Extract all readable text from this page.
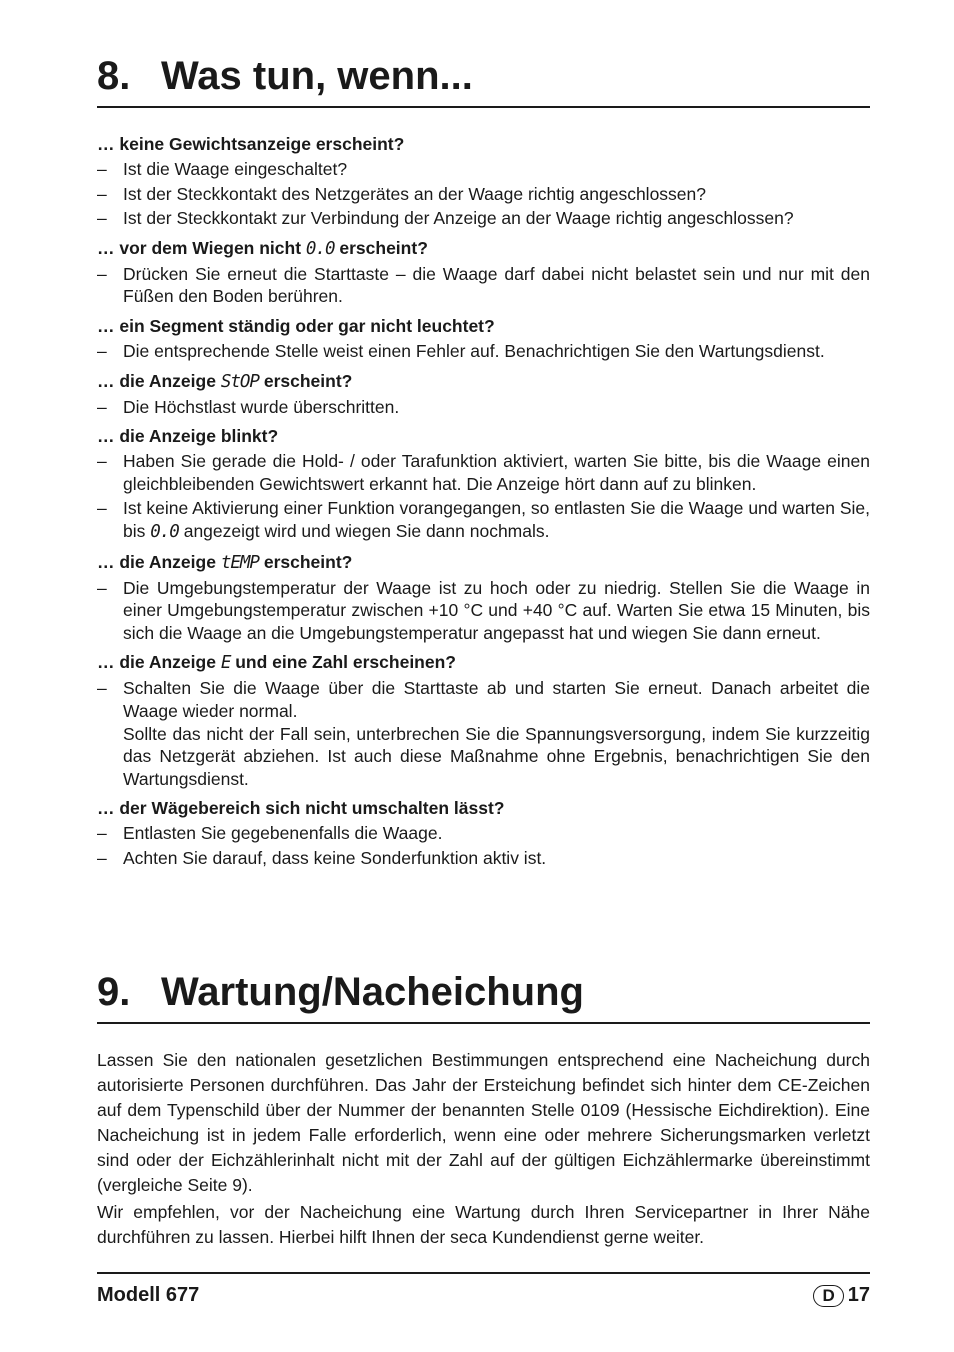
8. Was tun, wenn...

… keine Gewichtsanzeige erscheint?

– Ist die Waage eingeschaltet?

– Ist der Steckkontakt des Netzgerätes an der Waage richtig angeschlossen?

– Ist der Steckkontakt zur Verbindung der Anzeige an der Waage richtig angeschlossen?

… vor dem Wiegen nicht 0.0 erscheint?

– Drücken Sie erneut die Starttaste – die Waage darf dabei nicht belastet sein und nur mit den Füßen den Boden berühren.

… ein Segment ständig oder gar nicht leuchtet?

– Die entsprechende Stelle weist einen Fehler auf. Benachrichtigen Sie den Wartungsdienst.

… die Anzeige StOP erscheint?

– Die Höchstlast wurde überschritten.

… die Anzeige blinkt?

– Haben Sie gerade die Hold- / oder Tarafunktion aktiviert, warten Sie bitte, bis die Waage einen gleichbleibenden Gewichtswert erkannt hat. Die Anzeige hört dann auf zu blinken.

– Ist keine Aktivierung einer Funktion vorangegangen, so entlasten Sie die Waage und warten Sie, bis 0.0 angezeigt wird und wiegen Sie dann nochmals.

… die Anzeige tEMP erscheint?

– Die Umgebungstemperatur der Waage ist zu hoch oder zu niedrig. Stellen Sie die Waage in einer Umgebungstemperatur zwischen +10 °C und +40 °C auf. Warten Sie etwa 15 Minuten, bis sich die Waage an die Umgebungstemperatur angepasst hat und wiegen Sie dann erneut.

… die Anzeige E und eine Zahl erscheinen?

– Schalten Sie die Waage über die Starttaste ab und starten Sie erneut. Danach arbeitet die Waage wieder normal.
Sollte das nicht der Fall sein, unterbrechen Sie die Spannungsversorgung, indem Sie kurzzeitig das Netzgerät abziehen. Ist auch diese Maßnahme ohne Ergebnis, benachrichtigen Sie den Wartungsdienst.

… der Wägebereich sich nicht umschalten lässt?

– Entlasten Sie gegebenenfalls die Waage.

– Achten Sie darauf, dass keine Sonderfunktion aktiv ist.

9. Wartung/Nacheichung

Lassen Sie den nationalen gesetzlichen Bestimmungen entsprechend eine Nacheichung durch autorisierte Personen durchführen. Das Jahr der Ersteichung befindet sich hinter dem CE-Zeichen auf dem Typenschild über der Nummer der benannten Stelle 0109 (Hessische Eichdirektion). Eine Nacheichung ist in jedem Falle erforderlich, wenn eine oder mehrere Sicherungsmarken verletzt sind oder der Eichzählerinhalt nicht mit der Zahl auf der gültigen Eichzählermarke übereinstimmt (vergleiche Seite 9).

Wir empfehlen, vor der Nacheichung eine Wartung durch Ihren Servicepartner in Ihrer Nähe durchführen zu lassen. Hierbei hilft Ihnen der seca Kundendienst gerne weiter.

Modell 677	D 17
